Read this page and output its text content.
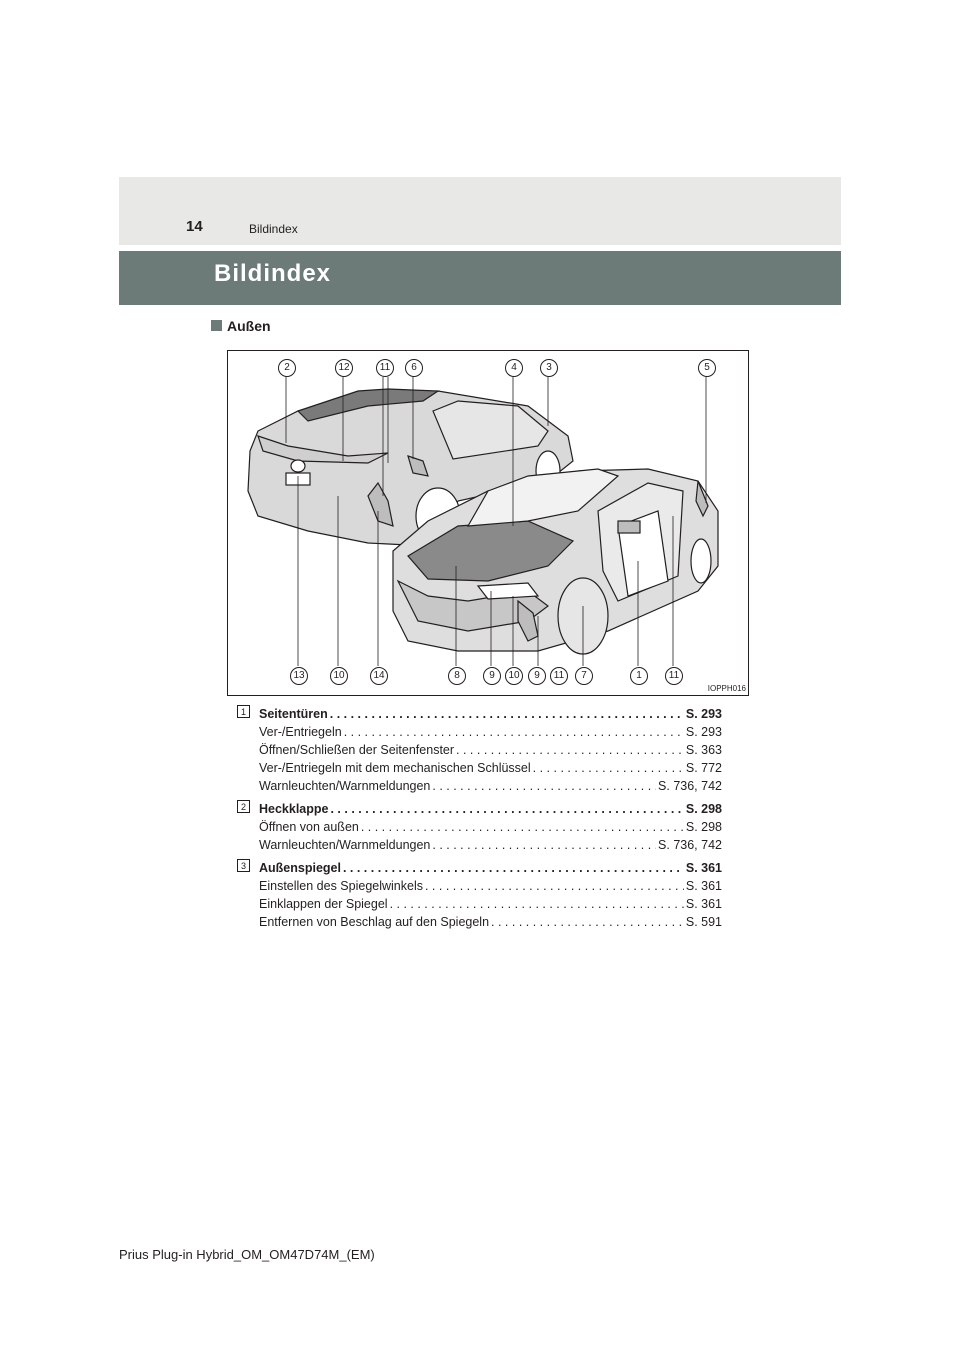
14	Bildindex
Bildindex
Außen
2	12	11	6	4	3	5
13	10	14	8	9	10	9	11	7	1	11
IOPPH016
1	Seitentüren . . .	S. 293
Ver-/Entriegeln . . .	S. 293
Öffnen/Schließen der Seitenfenster . . .	S. 363
Ver-/Entriegeln mit dem mechanischen Schlüssel . . .	S. 772
Warnleuchten/Warnmeldungen . . .	S. 736, 742
2	Heckklappe . . .	S. 298
Öffnen von außen . . .	S. 298
Warnleuchten/Warnmeldungen . . .	S. 736, 742
3	Außenspiegel . . .	S. 361
Einstellen des Spiegelwinkels . . .	S. 361
Einklappen der Spiegel . . .	S. 361
Entfernen von Beschlag auf den Spiegeln . . .	S. 591
Prius Plug-in Hybrid_OM_OM47D74M_(EM)
